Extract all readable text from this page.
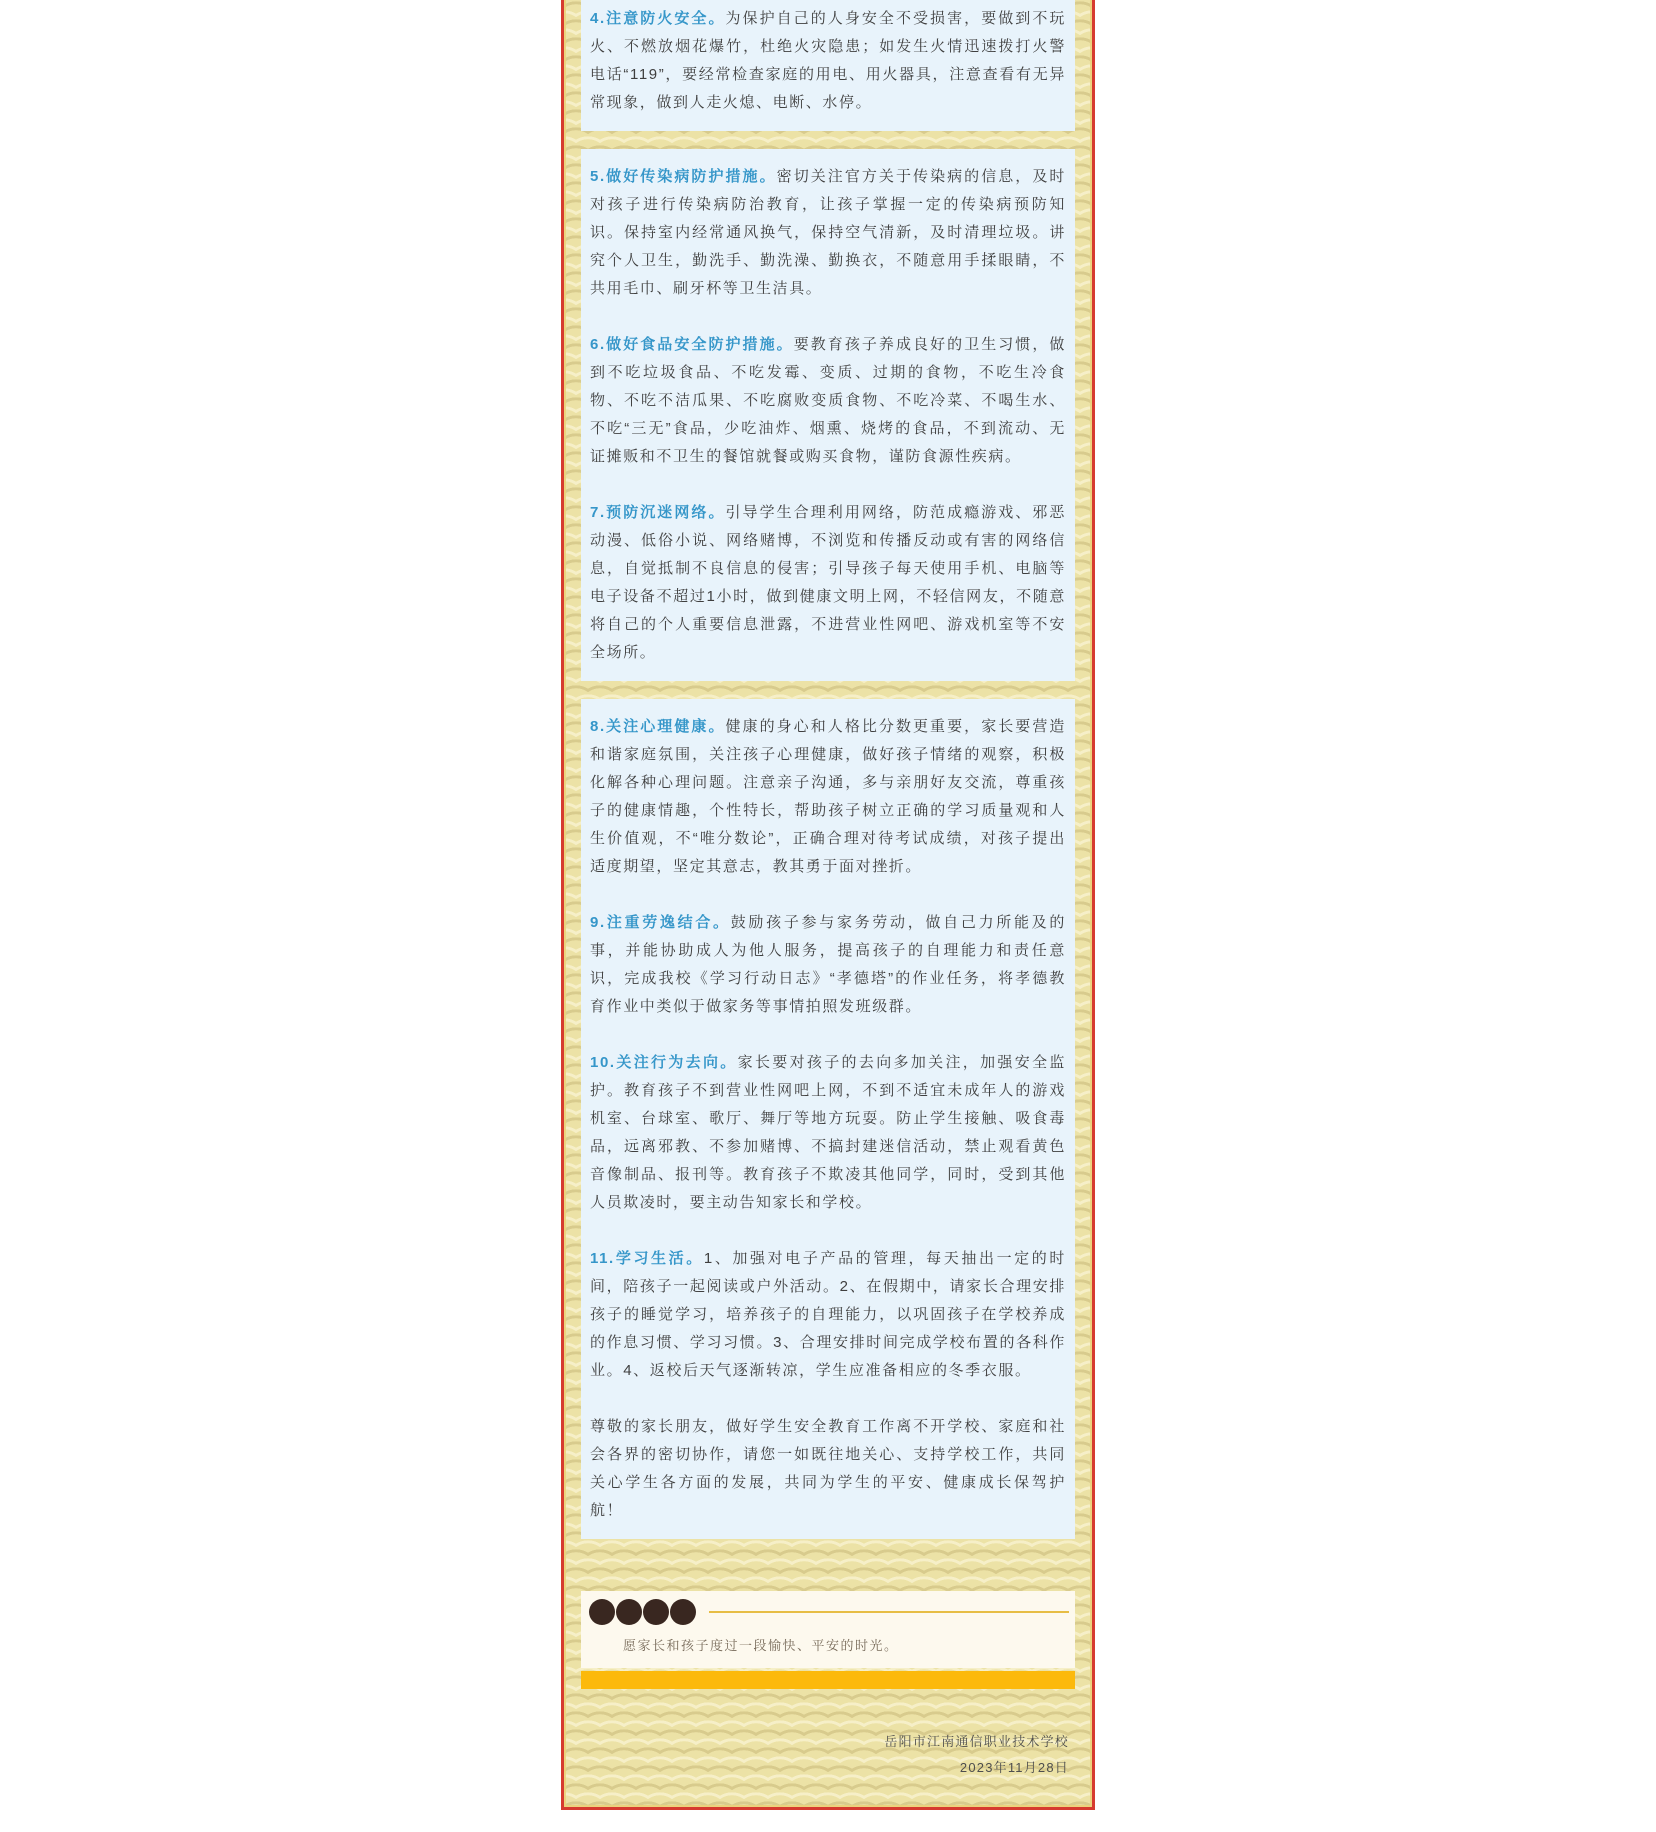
4.注意防火安全。为保护自己的人身安全不受损害，要做到不玩火、不燃放烟花爆竹，杜绝火灾隐患；如发生火情迅速拨打火警电话“119”，要经常检查家庭的用电、用火器具，注意查看有无异常现象，做到人走火熄、电断、水停。

5.做好传染病防护措施。密切关注官方关于传染病的信息，及时对孩子进行传染病防治教育，让孩子掌握一定的传染病预防知识。保持室内经常通风换气，保持空气清新，及时清理垃圾。讲究个人卫生，勤洗手、勤洗澡、勤换衣，不随意用手揉眼睛，不共用毛巾、刷牙杯等卫生洁具。

6.做好食品安全防护措施。要教育孩子养成良好的卫生习惯，做到不吃垃圾食品、不吃发霉、变质、过期的食物，不吃生冷食物、不吃不洁瓜果、不吃腐败变质食物、不吃冷菜、不喝生水、不吃“三无”食品，少吃油炸、烟熏、烧烤的食品，不到流动、无证摊贩和不卫生的餐馆就餐或购买食物，谨防食源性疾病。

7.预防沉迷网络。引导学生合理利用网络，防范成瘾游戏、邪恶动漫、低俗小说、网络赌博，不浏览和传播反动或有害的网络信息，自觉抵制不良信息的侵害；引导孩子每天使用手机、电脑等电子设备不超过1小时，做到健康文明上网，不轻信网友，不随意将自己的个人重要信息泄露，不进营业性网吧、游戏机室等不安全场所。

8.关注心理健康。健康的身心和人格比分数更重要，家长要营造和谐家庭氛围，关注孩子心理健康，做好孩子情绪的观察，积极化解各种心理问题。注意亲子沟通，多与亲朋好友交流，尊重孩子的健康情趣，个性特长，帮助孩子树立正确的学习质量观和人生价值观，不“唯分数论”，正确合理对待考试成绩，对孩子提出适度期望，坚定其意志，教其勇于面对挫折。

9.注重劳逸结合。鼓励孩子参与家务劳动，做自己力所能及的事，并能协助成人为他人服务，提高孩子的自理能力和责任意识，完成我校《学习行动日志》“孝德塔”的作业任务，将孝德教育作业中类似于做家务等事情拍照发班级群。

10.关注行为去向。家长要对孩子的去向多加关注，加强安全监护。教育孩子不到营业性网吧上网，不到不适宜未成年人的游戏机室、台球室、歌厅、舞厅等地方玩耍。防止学生接触、吸食毒品，远离邪教、不参加赌博、不搞封建迷信活动，禁止观看黄色音像制品、报刊等。教育孩子不欺凌其他同学，同时，受到其他人员欺凌时，要主动告知家长和学校。

11.学习生活。1、加强对电子产品的管理，每天抽出一定的时间，陪孩子一起阅读或户外活动。2、在假期中，请家长合理安排孩子的睡觉学习，培养孩子的自理能力，以巩固孩子在学校养成的作息习惯、学习习惯。3、合理安排时间完成学校布置的各科作业。4、返校后天气逐渐转凉，学生应准备相应的冬季衣服。

尊敬的家长朋友，做好学生安全教育工作离不开学校、家庭和社会各界的密切协作，请您一如既往地关心、支持学校工作，共同关心学生各方面的发展，共同为学生的平安、健康成长保驾护航！

愿家长和孩子度过一段愉快、平安的时光。

岳阳市江南通信职业技术学校
2023年11月28日
